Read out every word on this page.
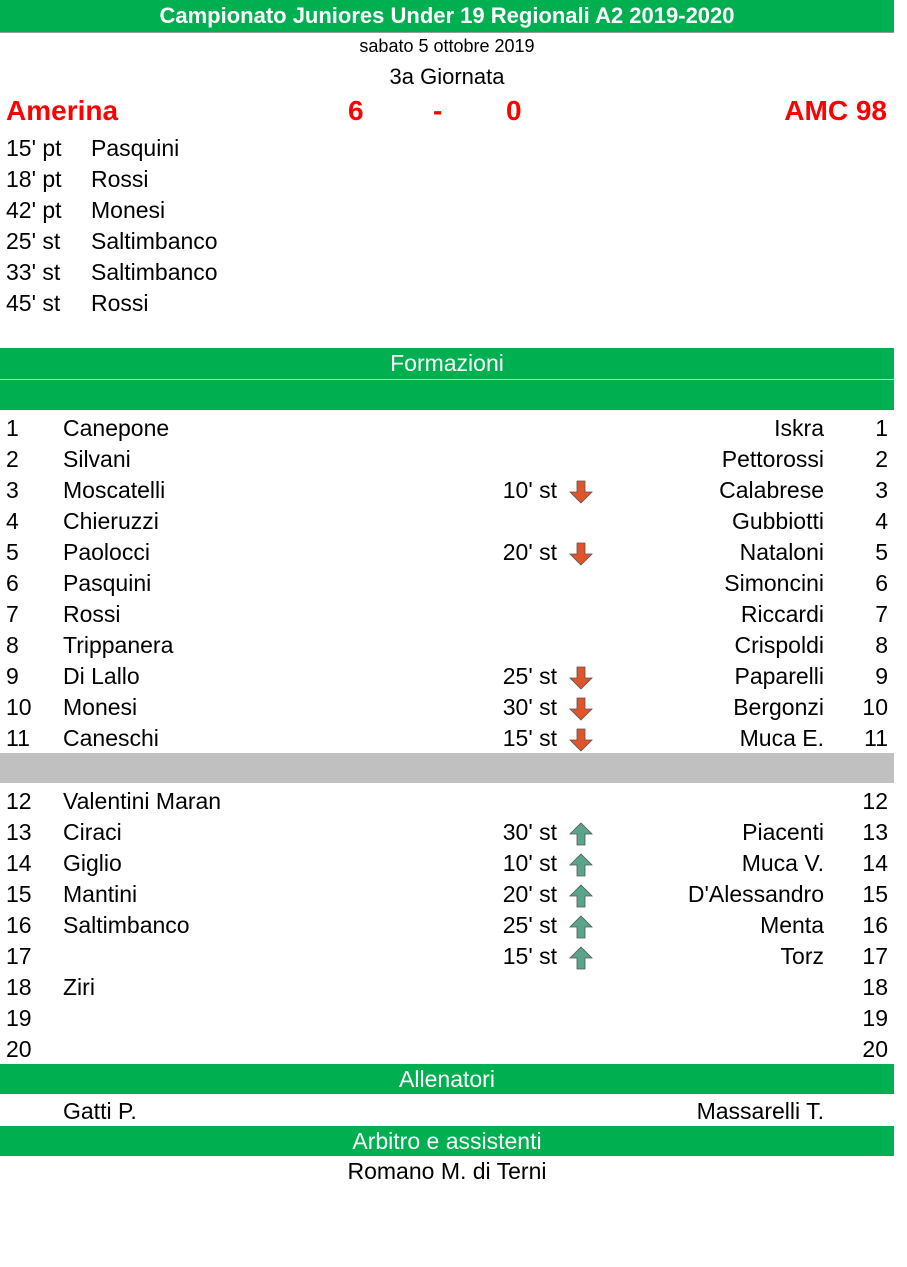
Campionato Juniores Under 19 Regionali A2 2019-2020
sabato 5 ottobre 2019
3a Giornata
Amerina	6 - 0	AMC 98
15' pt Pasquini
18' pt Rossi
42' pt Monesi
25' st Saltimbanco
33' st Saltimbanco
45' st Rossi
Formazioni
1 Canepone	Iskra 1
2 Silvani	Pettorossi 2
3 Moscatelli	10' st	Calabrese 3
4 Chieruzzi	Gubbiotti 4
5 Paolocci	20' st	Nataloni 5
6 Pasquini	Simoncini 6
7 Rossi	Riccardi 7
8 Trippanera	Crispoldi 8
9 Di Lallo	25' st	Paparelli 9
10 Monesi	30' st	Bergonzi 10
11 Caneschi	15' st	Muca E. 11
12 Valentini Maran	12
13 Ciraci	30' st	Piacenti 13
14 Giglio	10' st	Muca V. 14
15 Mantini	20' st	D'Alessandro 15
16 Saltimbanco	25' st	Menta 16
17	15' st	Torz 17
18 Ziri	18
19	19
20	20
Allenatori
Gatti P.	Massarelli T.
Arbitro e assistenti
Romano M. di Terni
